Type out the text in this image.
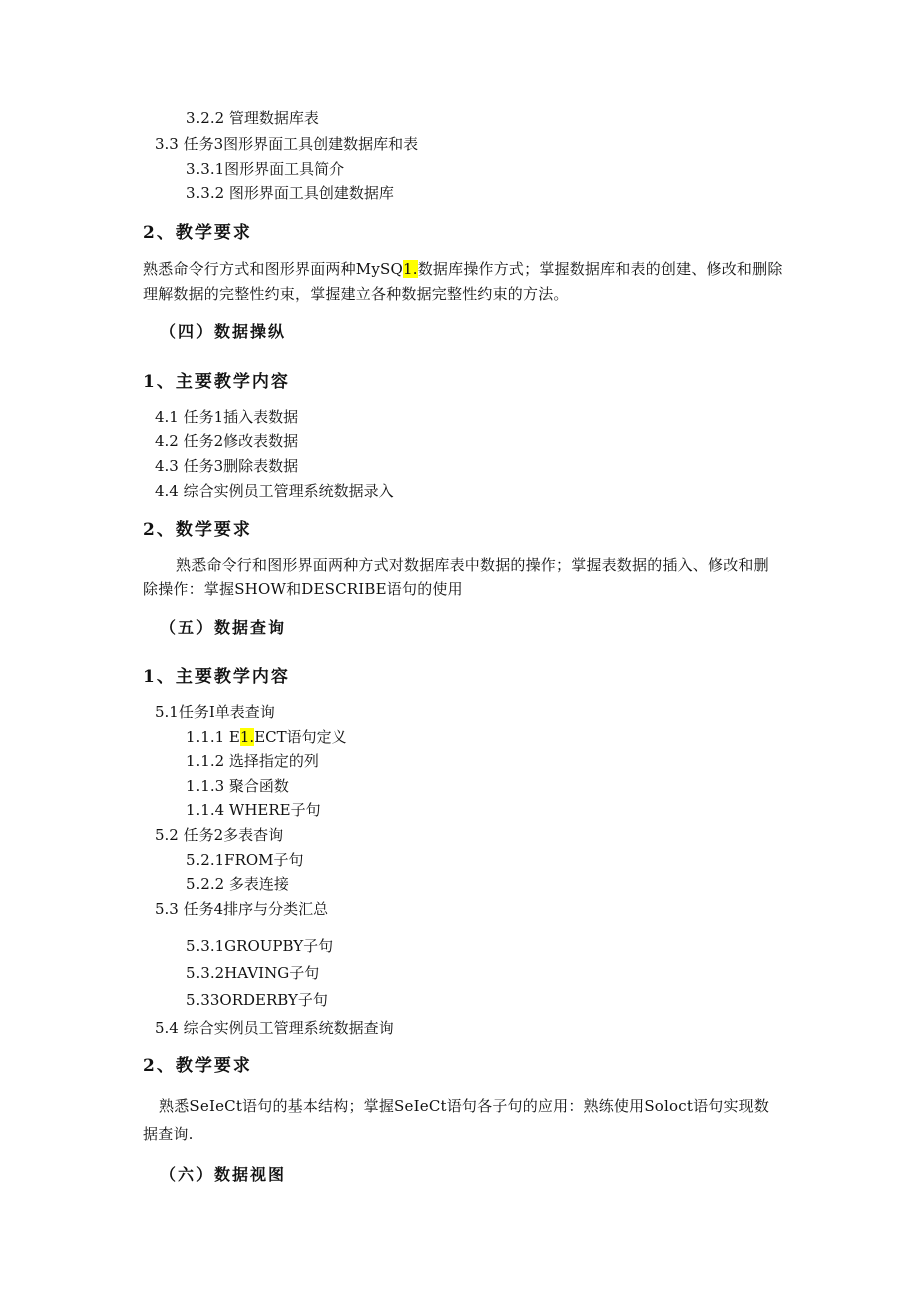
3.2.2 管理数据库表
3.3 任务3图形界面工具创建数据库和表
3.3.1图形界面工具简介
3.3.2 图形界面工具创建数据库
2、教学要求
熟悉命令行方式和图形界面两种MySQ1.数据库操作方式；掌握数据库和表的创建、修改和删除
理解数据的完整性约束，掌握建立各种数据完整性约束的方法。
（四）数据操纵
1、主要教学内容
4.1 任务1插入表数据
4.2 任务2修改表数据
4.3 任务3删除表数据
4.4 综合实例员工管理系统数据录入
2、数学要求
熟悉命令行和图形界面两种方式对数据库表中数据的操作；掌握表数据的插入、修改和删
除操作：掌握SHOW和DESCRIBE语句的使用
（五）数据查询
1、主要教学内容
5.1任务I单表查询
1.1.1 E1.ECT语句定义
1.1.2 选择指定的列
1.1.3 聚合函数
1.1.4 WHERE子句
5.2 任务2多表杳询
5.2.1FROM子句
5.2.2 多表连接
5.3 任务4排序与分类汇总
5.3.1GROUPBY子句
5.3.2HAVING子句
5.33ORDERBY子句
5.4 综合实例员工管理系统数据查询
2、教学要求
熟悉SeIeCt语句的基本结构；掌握SeIeCt语句各子句的应用：熟练使用Soloct语句实现数
据查询.
（六）数据视图
